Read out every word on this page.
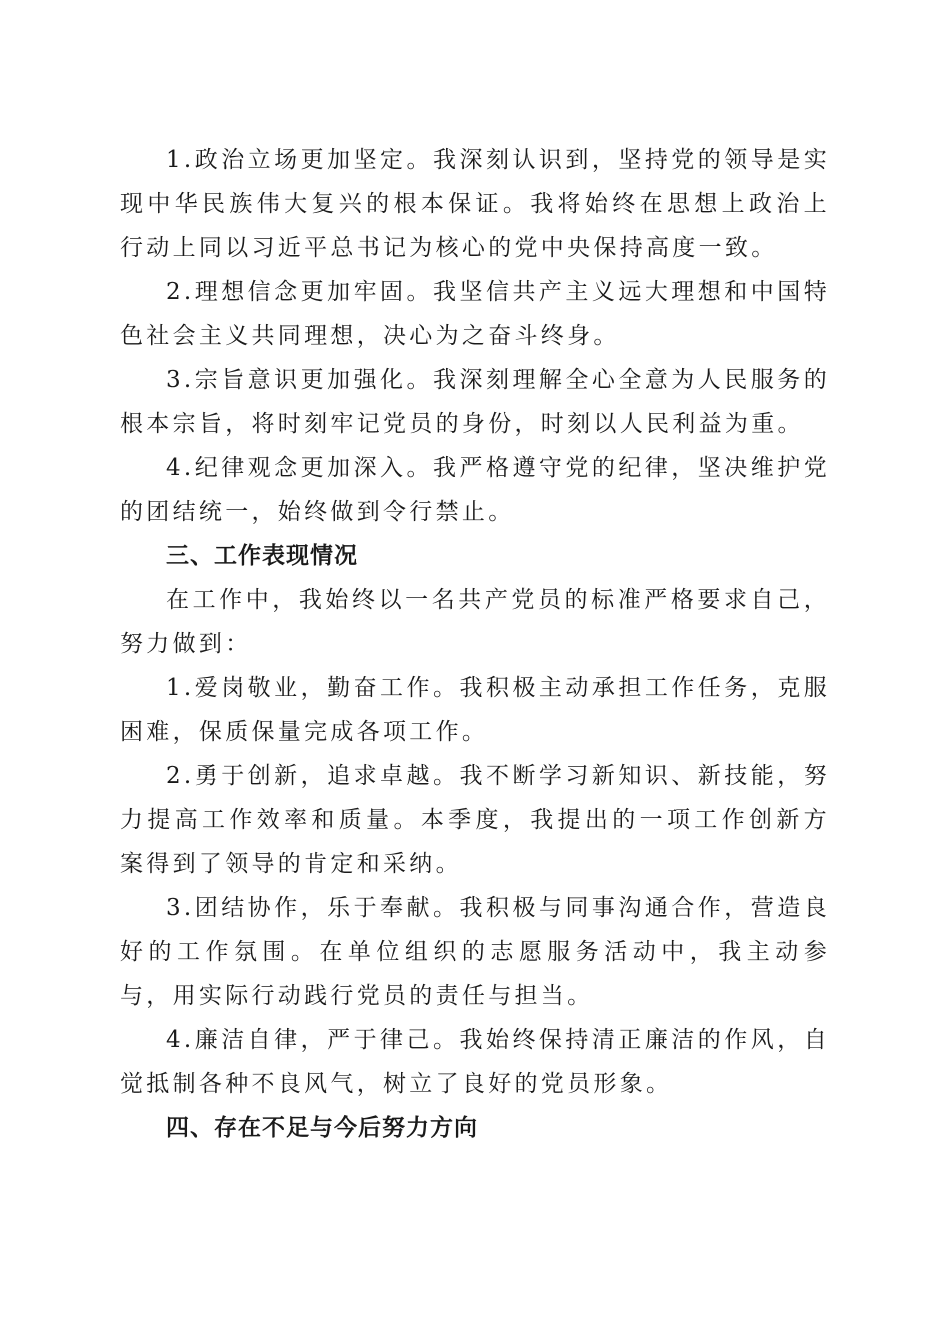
1.政治立场更加坚定。我深刻认识到，坚持党的领导是实现中华民族伟大复兴的根本保证。我将始终在思想上政治上行动上同以习近平总书记为核心的党中央保持高度一致。

2.理想信念更加牢固。我坚信共产主义远大理想和中国特色社会主义共同理想，决心为之奋斗终身。

3.宗旨意识更加强化。我深刻理解全心全意为人民服务的根本宗旨，将时刻牢记党员的身份，时刻以人民利益为重。

4.纪律观念更加深入。我严格遵守党的纪律，坚决维护党的团结统一，始终做到令行禁止。

三、工作表现情况

在工作中，我始终以一名共产党员的标准严格要求自己，努力做到：

1.爱岗敬业，勤奋工作。我积极主动承担工作任务，克服困难，保质保量完成各项工作。

2.勇于创新，追求卓越。我不断学习新知识、新技能，努力提高工作效率和质量。本季度，我提出的一项工作创新方案得到了领导的肯定和采纳。

3.团结协作，乐于奉献。我积极与同事沟通合作，营造良好的工作氛围。在单位组织的志愿服务活动中，我主动参与，用实际行动践行党员的责任与担当。

4.廉洁自律，严于律己。我始终保持清正廉洁的作风，自觉抵制各种不良风气，树立了良好的党员形象。

四、存在不足与今后努力方向
